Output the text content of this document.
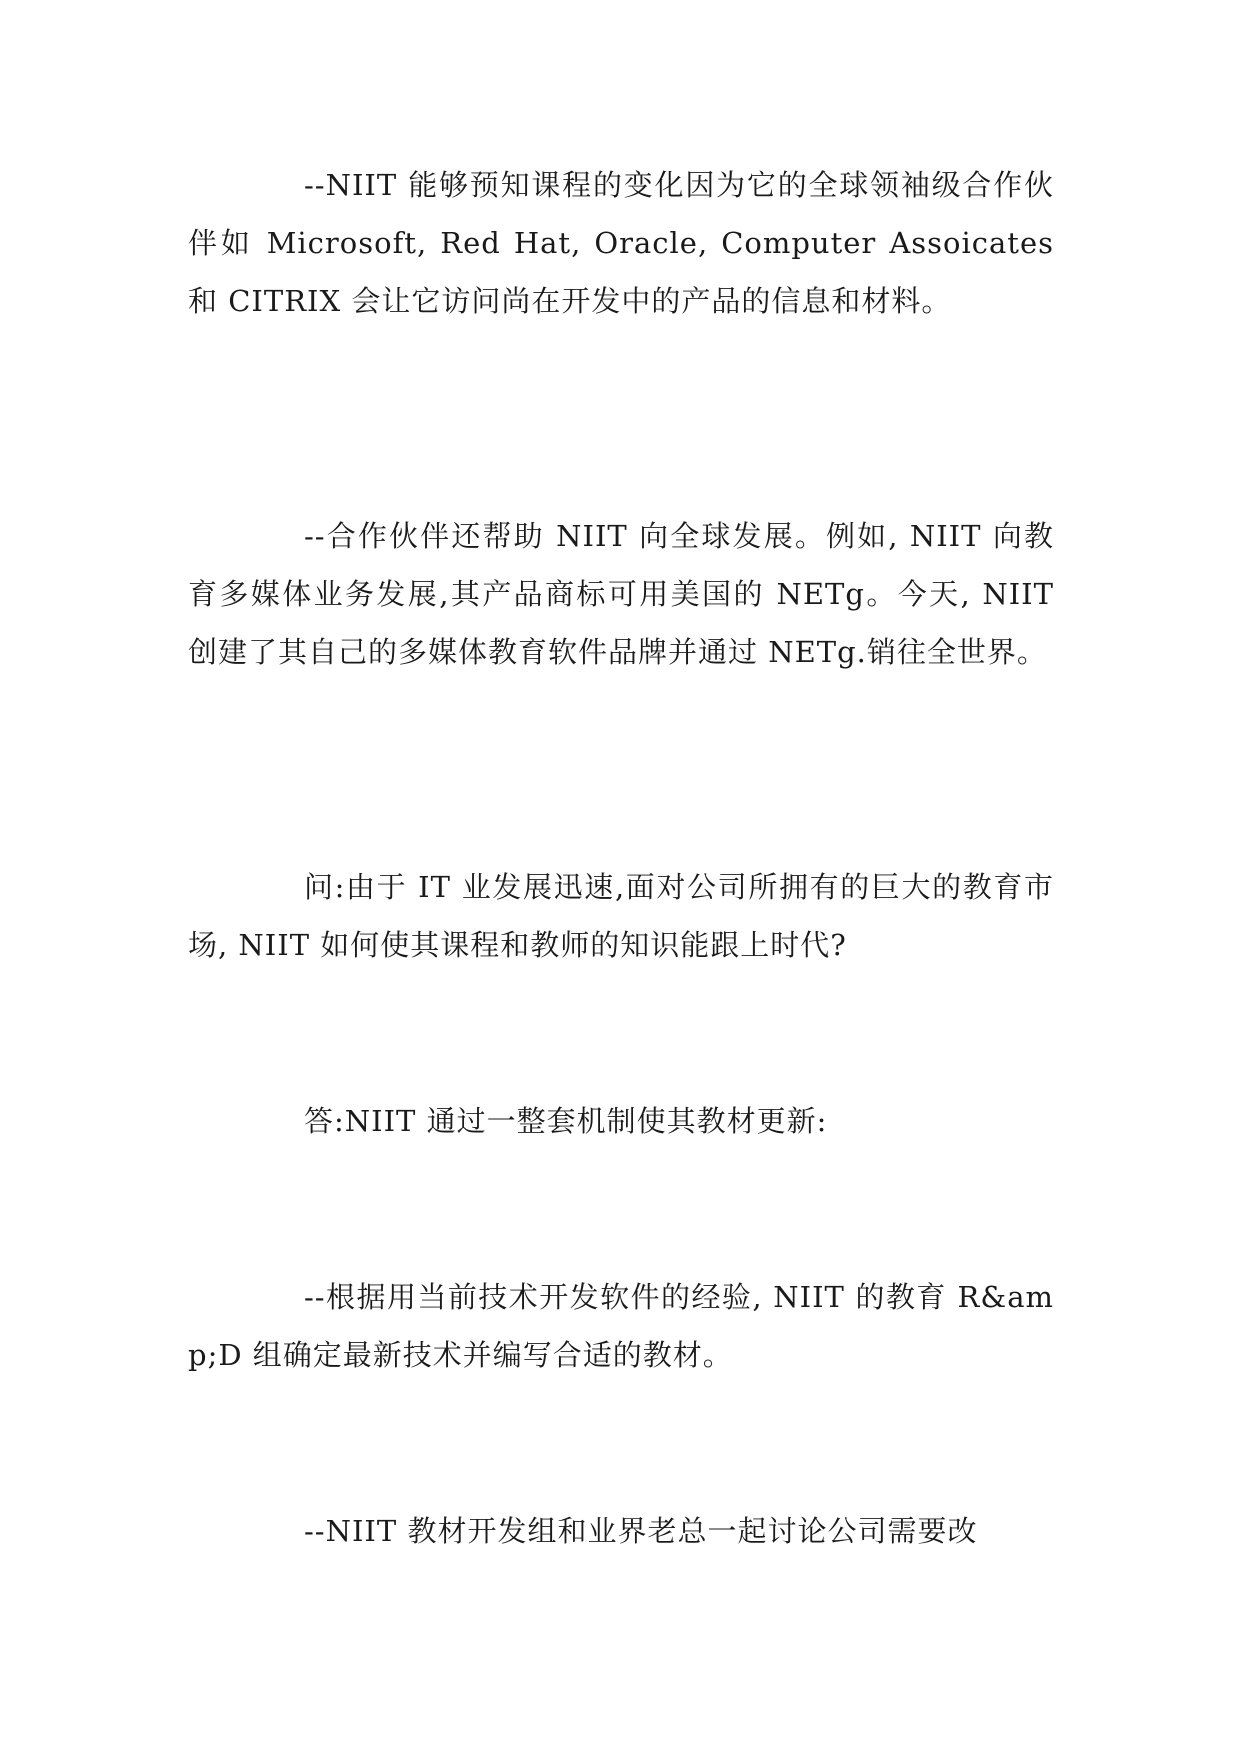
--NIIT 能够预知课程的变化因为它的全球领袖级合作伙伴如 Microsoft, Red Hat, Oracle, Computer Assoicates 和 CITRIX 会让它访问尚在开发中的产品的信息和材料。

--合作伙伴还帮助 NIIT 向全球发展。例如, NIIT 向教育多媒体业务发展,其产品商标可用美国的 NETg。今天, NIIT 创建了其自己的多媒体教育软件品牌并通过 NETg.销往全世界。

问:由于 IT 业发展迅速,面对公司所拥有的巨大的教育市场, NIIT 如何使其课程和教师的知识能跟上时代?

答:NIIT 通过一整套机制使其教材更新:

--根据用当前技术开发软件的经验, NIIT 的教育 R&amp;D 组确定最新技术并编写合适的教材。

--NIIT 教材开发组和业界老总一起讨论公司需要改
